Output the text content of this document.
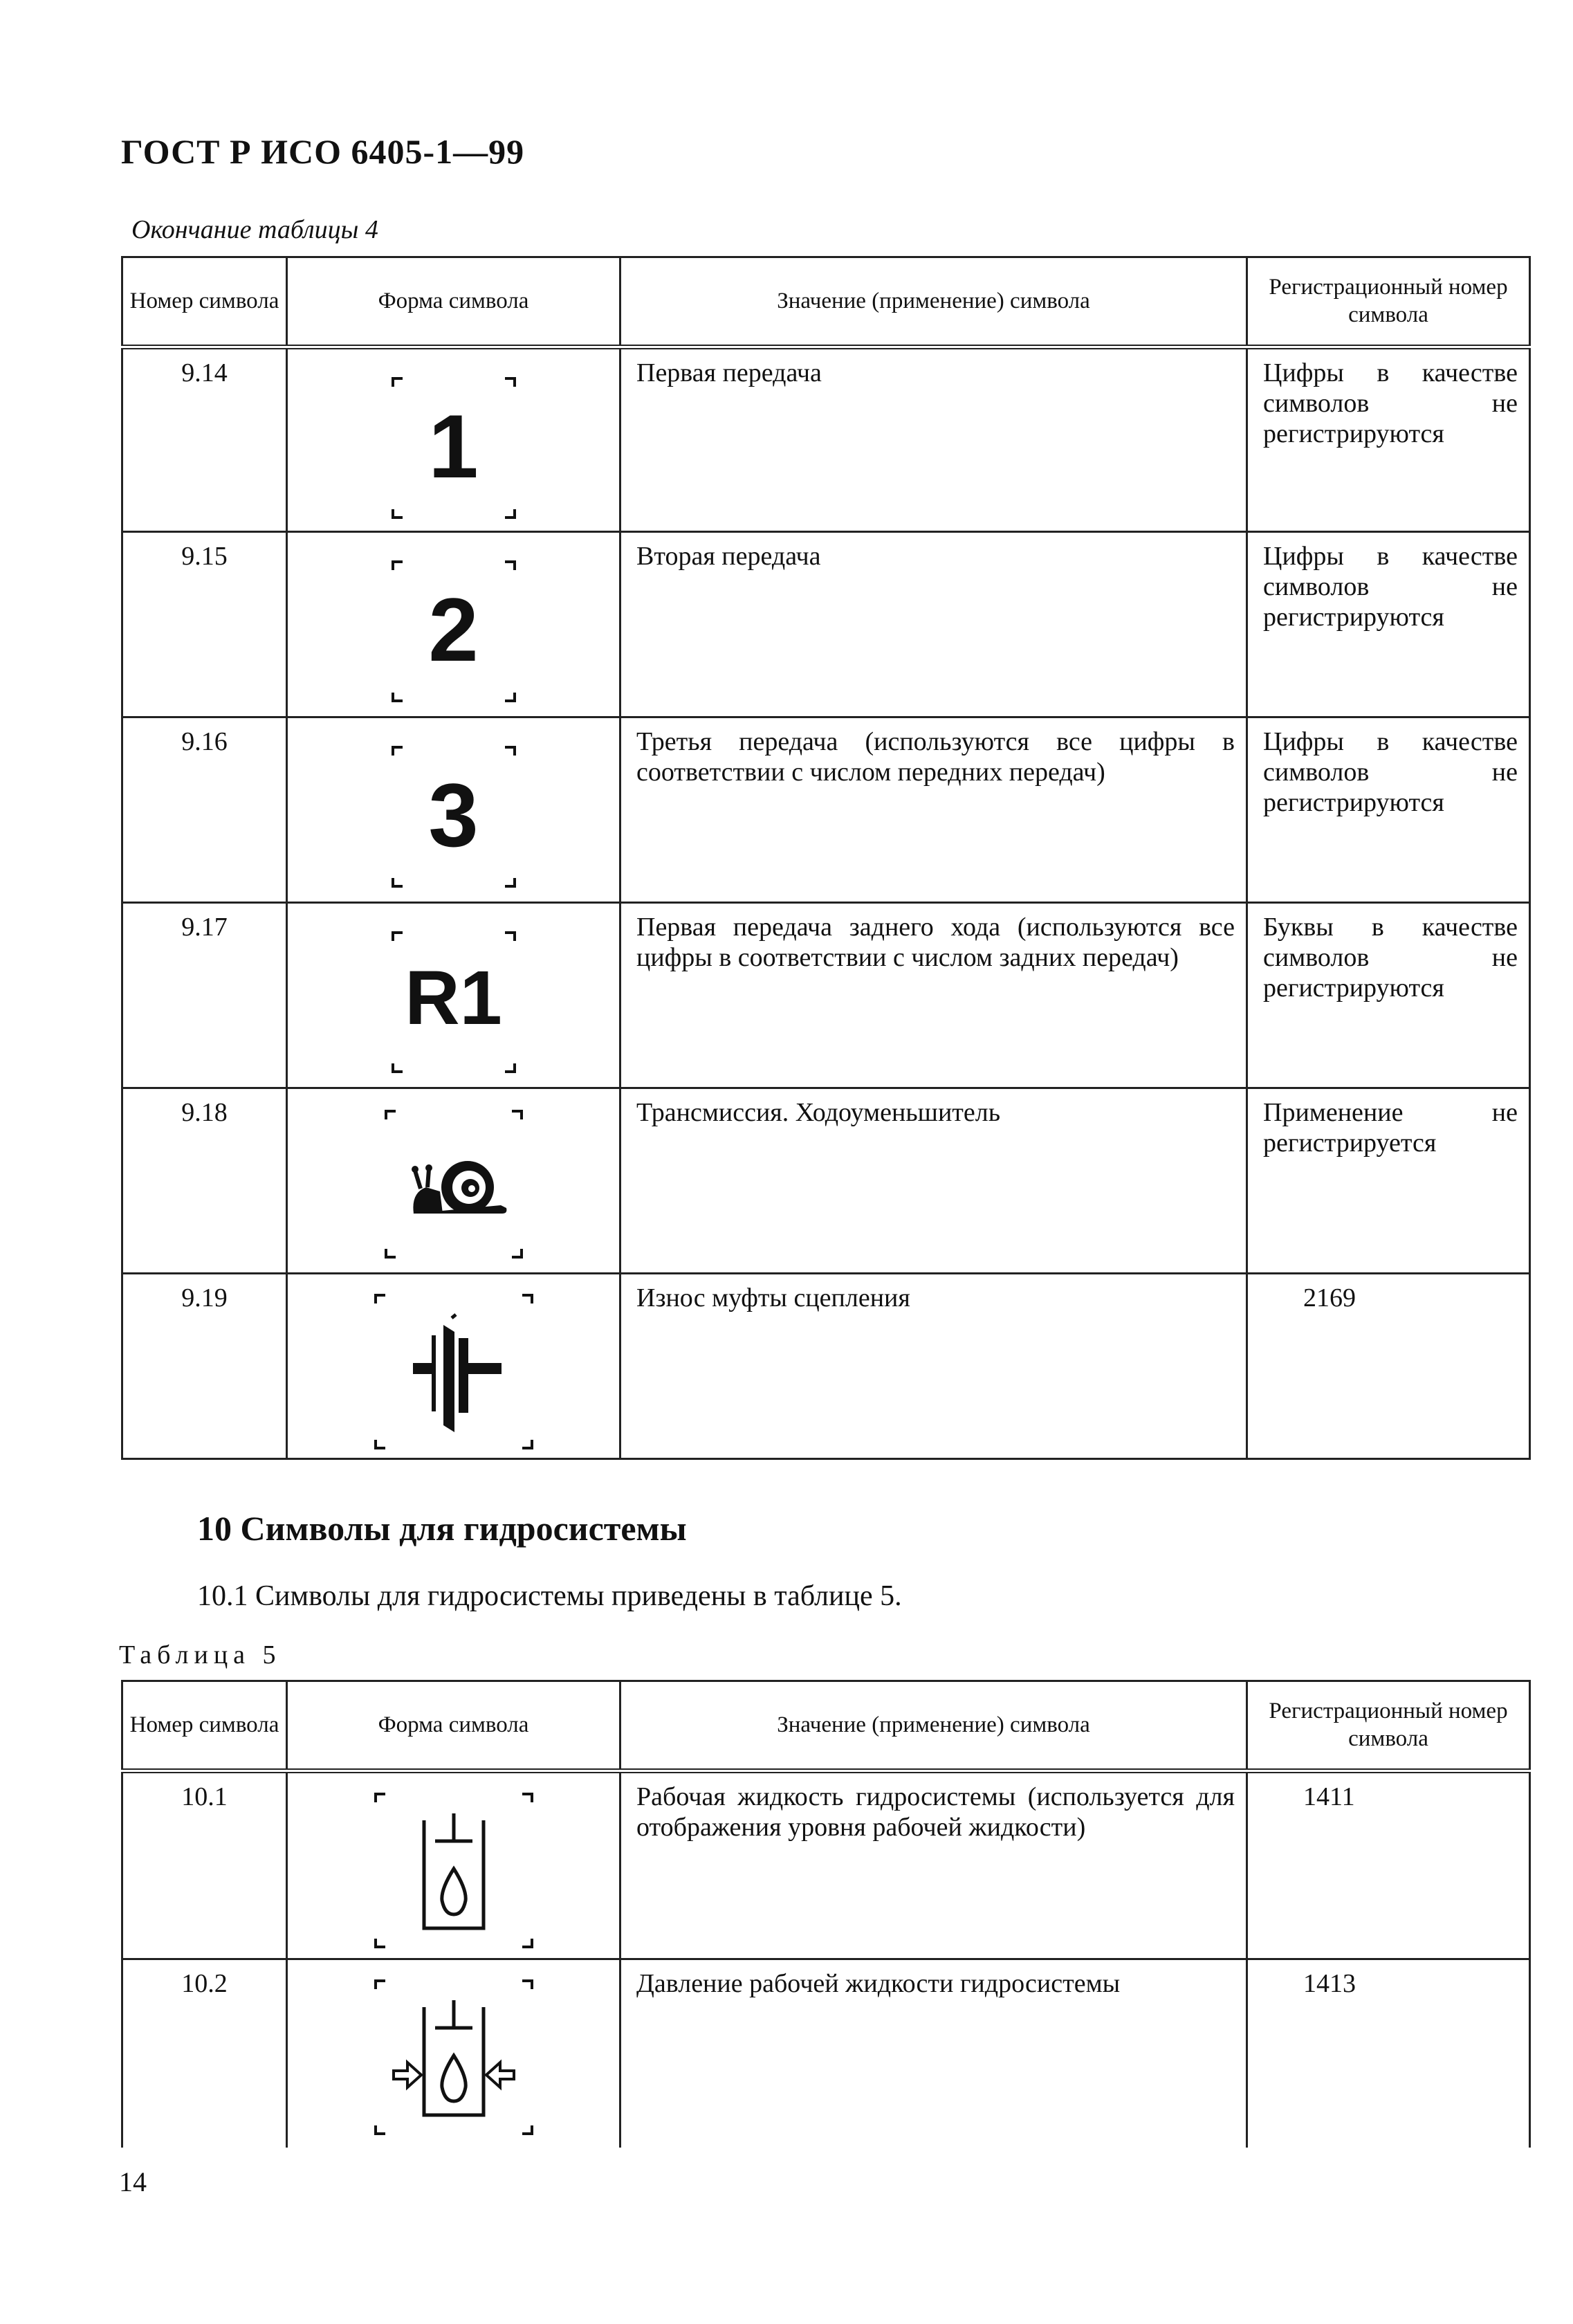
ГОСТ Р ИСО 6405-1—99
Окончание таблицы 4
Номер символа	Форма символа	Значение (применение) символа	Регистрационный номер символа
9.14	1	Первая передача	Цифры в качестве символов не регистрируются
9.15	2	Вторая передача	Цифры в качестве символов не регистрируются
9.16	3	Третья передача (используются все цифры в соответствии с числом передних передач)	Цифры в качестве символов не регистрируются
9.17	R1	Первая передача заднего хода (используются все цифры в соответствии с числом задних передач)	Буквы в качестве символов не регистрируются
9.18		Трансмиссия. Ходоуменьшитель	Применение не регистрируется
9.19		Износ муфты сцепления	2169
10 Символы для гидросистемы
10.1 Символы для гидросистемы приведены в таблице 5.
Таблица 5
Номер символа	Форма символа	Значение (применение) символа	Регистрационный номер символа
10.1		Рабочая жидкость гидросистемы (используется для отображения уровня рабочей жидкости)	1411
10.2		Давление рабочей жидкости гидросистемы	1413
14
